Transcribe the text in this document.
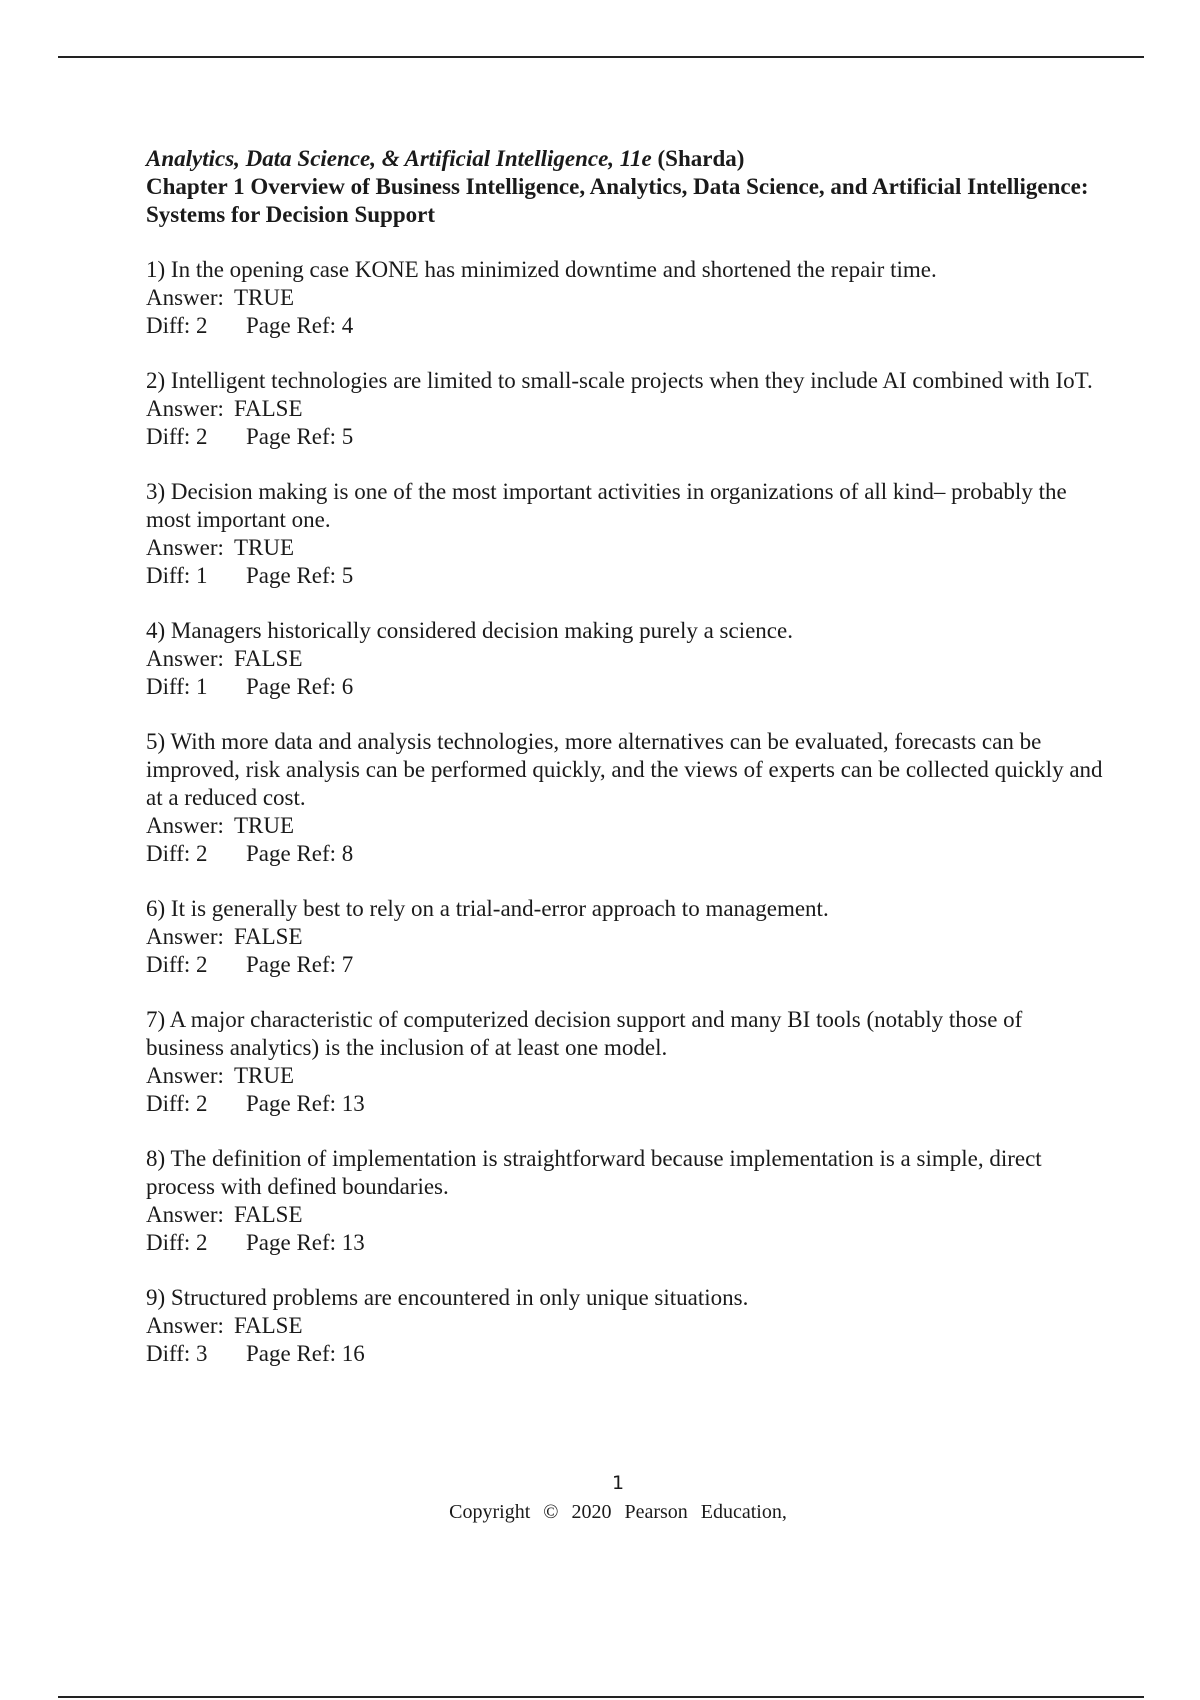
Analytics, Data Science, & Artificial Intelligence, 11e (Sharda)
Chapter 1 Overview of Business Intelligence, Analytics, Data Science, and Artificial Intelligence: Systems for Decision Support
1) In the opening case KONE has minimized downtime and shortened the repair time.
Answer: TRUE
Diff: 2 Page Ref: 4
2) Intelligent technologies are limited to small-scale projects when they include AI combined with IoT.
Answer: FALSE
Diff: 2 Page Ref: 5
3) Decision making is one of the most important activities in organizations of all kind– probably the most important one.
Answer: TRUE
Diff: 1 Page Ref: 5
4) Managers historically considered decision making purely a science.
Answer: FALSE
Diff: 1 Page Ref: 6
5) With more data and analysis technologies, more alternatives can be evaluated, forecasts can be improved, risk analysis can be performed quickly, and the views of experts can be collected quickly and at a reduced cost.
Answer: TRUE
Diff: 2 Page Ref: 8
6) It is generally best to rely on a trial-and-error approach to management.
Answer: FALSE
Diff: 2 Page Ref: 7
7) A major characteristic of computerized decision support and many BI tools (notably those of business analytics) is the inclusion of at least one model.
Answer: TRUE
Diff: 2 Page Ref: 13
8) The definition of implementation is straightforward because implementation is a simple, direct process with defined boundaries.
Answer: FALSE
Diff: 2 Page Ref: 13
9) Structured problems are encountered in only unique situations.
Answer: FALSE
Diff: 3 Page Ref: 16
1
Copyright © 2020 Pearson Education,
